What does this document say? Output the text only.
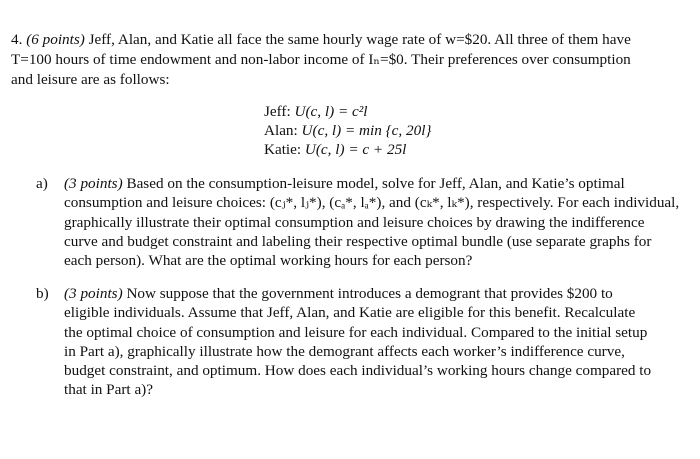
4. (6 points) Jeff, Alan, and Katie all face the same hourly wage rate of w=$20. All three of them have
T=100 hours of time endowment and non-labor income of Iₙ=$0. Their preferences over consumption
and leisure are as follows:
Jeff: U(c, l) = c²l
Alan: U(c, l) = min {c, 20l}
Katie: U(c, l) = c + 25l
a) (3 points) Based on the consumption-leisure model, solve for Jeff, Alan, and Katie’s optimal
consumption and leisure choices: (cⱼ*, lⱼ*), (cₐ*, lₐ*), and (cₖ*, lₖ*), respectively. For each individual,
graphically illustrate their optimal consumption and leisure choices by drawing the indifference
curve and budget constraint and labeling their respective optimal bundle (use separate graphs for
each person). What are the optimal working hours for each person?
b) (3 points) Now suppose that the government introduces a demogrant that provides $200 to
eligible individuals. Assume that Jeff, Alan, and Katie are eligible for this benefit. Recalculate
the optimal choice of consumption and leisure for each individual. Compared to the initial setup
in Part a), graphically illustrate how the demogrant affects each worker’s indifference curve,
budget constraint, and optimum. How does each individual’s working hours change compared to
that in Part a)?
